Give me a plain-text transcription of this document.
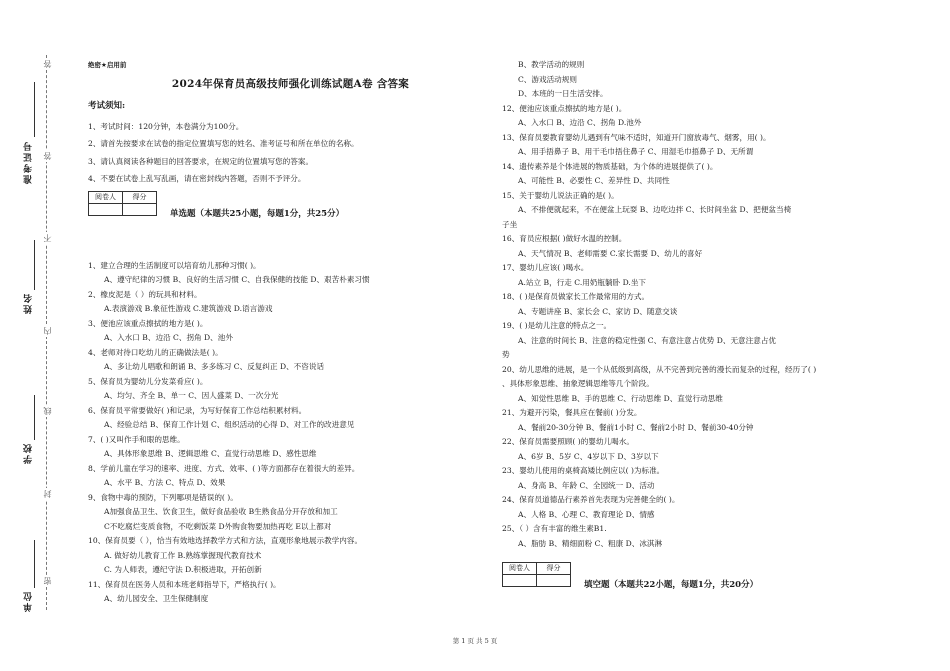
答
答
不
内
线
封
密
准考证号
姓名
学校
单位
绝密★启用前
2024年保育员高级技师强化训练试题A卷 含答案
考试须知:
1、考试时间：120分钟，本卷满分为100分。
2、请首先按要求在试卷的指定位置填写您的姓名、准考证号和所在单位的名称。
3、请认真阅读各种题目的回答要求，在规定的位置填写您的答案。
4、不要在试卷上乱写乱画，请在密封线内答题，否则不予评分。
阅卷人	得分

单选题（本题共25小题，每题1分，共25分）
1、建立合理的生活制度可以培育幼儿那种习惯( )。
A、遵守纪律的习惯 B、良好的生活习惯 C、自我保健的技能 D、艰苦朴素习惯
2、橡皮泥是（ ）的玩具和材料。
A.表演游戏 B.象征性游戏 C.建筑游戏 D.语言游戏
3、便池应该重点擦拭的地方是( )。
A、入水口 B、边沿 C、拐角 D、池外
4、老师对待口吃幼儿的正确做法是( )。
A、多让幼儿唱歌和朗诵 B、多多练习 C、反复纠正 D、不咨说话
5、保育员为婴幼儿分发菜肴应( )。
A、均匀、齐全 B、单一 C、因人盛菜 D、一次分光
6、保育员平常要做好( )和记录，为写好保育工作总结积累材料。
A、经验总结 B、保育工作计划 C、组织活动的心得 D、对工作的改进意见
7、( )又叫作手和眼的思维。
A、具体形象思维 B、逻辑思维 C、直觉行动思维 D、感性思维
8、学前儿童在学习的速率、进度、方式、效率、( )等方面都存在着很大的差异。
A、水平 B、方法 C、特点 D、效果
9、食物中毒的预防，下列哪项是错误的( )。
A加强食品卫生、饮食卫生，做好食品验收 B生熟食品分开存放和加工
C不吃腐烂变质食物，不吃剩饭菜 D外购食物要加热再吃 E以上都对
10、保育员要（ ），恰当有效地选择教学方式和方法，直观形象地展示教学内容。
A. 做好幼儿教育工作 B.熟练掌握现代教育技术
C. 为人师表，遵纪守法 D.积极进取，开拓创新
11、保育员在医务人员和本班老师指导下，严格执行( )。
A、幼儿园安全、卫生保健制度
B、教学活动的规则
C、游戏活动规则
D、本班的一日生活安排。
12、便池应该重点擦拭的地方是( )。
A、入水口 B、边沿 C、拐角 D.池外
13、保育员要教育婴幼儿遇到有气味不适时，知道开门窗放毒气、烟雾，用( )。
A、用手捂鼻子 B、用干毛巾捂住鼻子 C、用湿毛巾捂鼻子 D、无所谓
14、遗传素养是个体进展的物质基础，为个体的进展提供了( )。
A、可能性 B、必要性 C、差异性 D、共同性
15、关于婴幼儿说法正确的是( )。
A、不排便就起来，不在便盆上玩耍 B、边吃边拌 C、长时间坐盆 D、把便盆当椅
子坐
16、育员应根据( )做好水温的控制。
A、天气情况 B、老师需要 C.家长需要 D、幼儿的喜好
17、婴幼儿应该( )喝水。
A.站立 B，行走 C.用奶瓶躺卧 D.坐下
18、( )是保育员做家长工作最常用的方式。
A、专题讲座 B、家长会 C、家访 D、随意交谈
19、( )是幼儿注意的特点之一。
A、注意的时间长 B、注意的稳定性强 C、有意注意占优势 D、无意注意占优
势
20、幼儿思维的进展，是一个从低级到高级，从不完善到完善的漫长而复杂的过程，经历了( )
、具体形象思维、抽象逻辑思维等几个阶段。
A、知觉性思维 B、手的思维 C、行动思维 D、直觉行动思维
21、为避开污染，餐具应在餐前( )分发。
A、餐前20-30分钟 B、餐前1小时 C、餐前2小时 D、餐前30-40分钟
22、保育员需要照顾( )的婴幼儿喝水。
A、6岁 B、5岁 C、4岁以下 D、3岁以下
23、婴幼儿使用的桌椅高矮比例应以( )为标准。
A、身高 B、年龄 C、全园统一 D、活动
24、保育员道德品行素养首先表现为完善健全的( )。
A、人格 B、心理 C、教育理论 D、情感
25、（ ）含有丰富的维生素B1.
A、脂肪 B、精细面粉 C、粗康 D、冰淇淋
阅卷人	得分

填空题（本题共22小题，每题1分，共20分）
第 1 页 共 5 页
